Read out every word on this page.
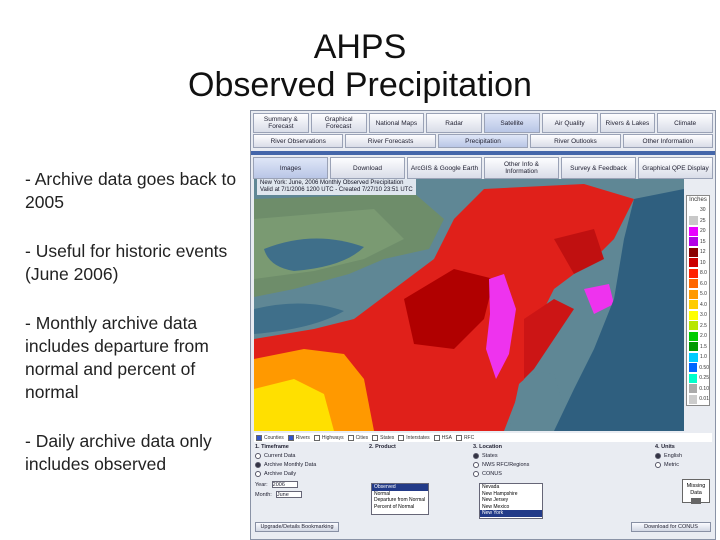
AHPS
Observed Precipitation

- Archive data goes back to 2005

- Useful for historic events (June 2006)

- Monthly archive data includes departure from normal and percent of normal

- Daily archive data only includes observed

Summary & Forecast
Graphical Forecast	National Maps	Radar	Satellite	Air Quality	Rivers & Lakes	Climate
River Observations	River Forecasts	Precipitation	River Outlooks	Other Information
Images	Download	ArcGIS & Google Earth	Other Info & Information	Survey & Feedback	Graphical QPE Display
New York: June, 2006 Monthly Observed Precipitation
Valid at 7/1/2006 1200 UTC - Created 7/27/10 23:51 UTC
Inches
30
25
20
15
12
10
8.0
6.0
5.0
4.0
3.0
2.5
2.0
1.5
1.0
0.50
0.25
0.10
0.01
Counties Rivers Highways Cities States Interstates HSA RFC
1. Timeframe
Current Data
Archive Monthly Data
Archive Daily
Year: 2006
Month: June
2. Product
Observed
Normal
Departure from Normal
Percent of Normal
3. Location
States
NWS RFC/Regions
CONUS
Nevada
New Hampshire
New Jersey
New Mexico
New York
4. Units
English
Metric
Missing Data
Upgrade/Details Bookmarking	Download for CONUS
